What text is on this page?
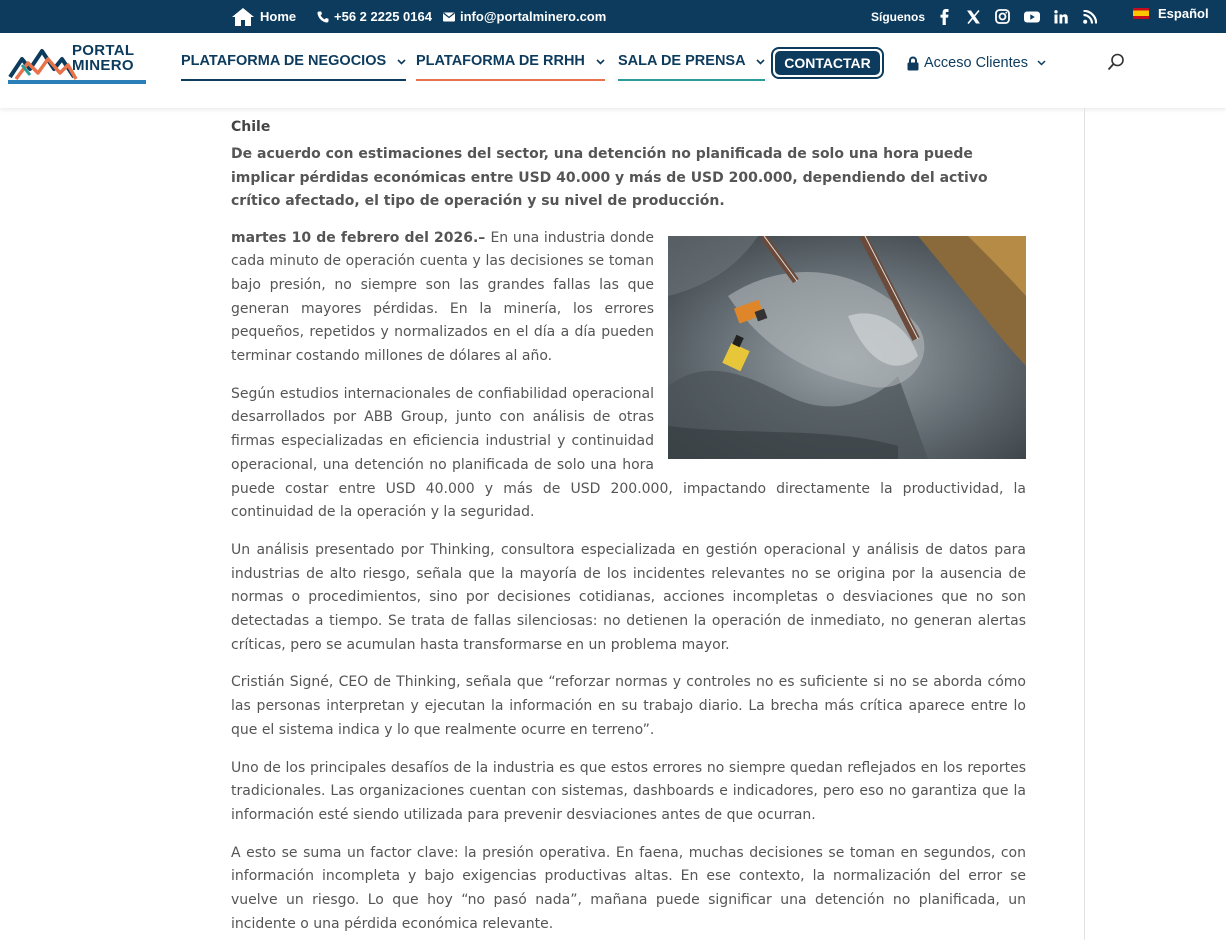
Home	+56 2 2225 0164 info@portalminero.com	Síguenos	Español
PORTAL
MINERO	PLATAFORMA DE NEGOCIOS	PLATAFORMA DE RRHH	SALA DE PRENSA	CONTACTAR	Acceso Clientes
Chile
De acuerdo con estimaciones del sector, una detención no planificada de solo una hora puede implicar pérdidas económicas entre USD 40.000 y más de USD 200.000, dependiendo del activo crítico afectado, el tipo de operación y su nivel de producción.

martes 10 de febrero del 2026.– En una industria donde cada minuto de operación cuenta y las decisiones se toman bajo presión, no siempre son las grandes fallas las que generan mayores pérdidas. En la minería, los errores pequeños, repetidos y normalizados en el día a día pueden terminar costando millones de dólares al año.

Según estudios internacionales de confiabilidad operacional desarrollados por ABB Group, junto con análisis de otras firmas especializadas en eficiencia industrial y continuidad operacional, una detención no planificada de solo una hora puede costar entre USD 40.000 y más de USD 200.000, impactando directamente la productividad, la continuidad de la operación y la seguridad.

Un análisis presentado por Thinking, consultora especializada en gestión operacional y análisis de datos para industrias de alto riesgo, señala que la mayoría de los incidentes relevantes no se origina por la ausencia de normas o procedimientos, sino por decisiones cotidianas, acciones incompletas o desviaciones que no son detectadas a tiempo. Se trata de fallas silenciosas: no detienen la operación de inmediato, no generan alertas críticas, pero se acumulan hasta transformarse en un problema mayor.

Cristián Signé, CEO de Thinking, señala que “reforzar normas y controles no es suficiente si no se aborda cómo las personas interpretan y ejecutan la información en su trabajo diario. La brecha más crítica aparece entre lo que el sistema indica y lo que realmente ocurre en terreno”.

Uno de los principales desafíos de la industria es que estos errores no siempre quedan reflejados en los reportes tradicionales. Las organizaciones cuentan con sistemas, dashboards e indicadores, pero eso no garantiza que la información esté siendo utilizada para prevenir desviaciones antes de que ocurran.

A esto se suma un factor clave: la presión operativa. En faena, muchas decisiones se toman en segundos, con información incompleta y bajo exigencias productivas altas. En ese contexto, la normalización del error se vuelve un riesgo. Lo que hoy “no pasó nada”, mañana puede significar una detención no planificada, un incidente o una pérdida económica relevante.
